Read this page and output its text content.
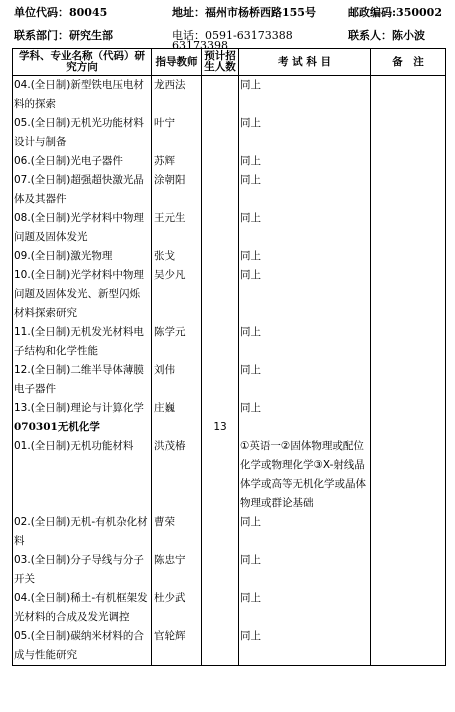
单位代码：80045	地址：福州市杨桥西路155号	邮政编码:350002
联系部门：研究生部	电话：0591-63173388
63173398
联系人：陈小波
学科、专业名称（代码）研究方向	指导教师	预计招生人数	考 试 科 目	备　注
04.(全日制)新型铁电压电材料的探索	龙西法		同上	
05.(全日制)无机光功能材料设计与制备	叶宁		同上	
06.(全日制)光电子器件	苏辉		同上	
07.(全日制)超强超快激光晶体及其器件	涂朝阳		同上	
08.(全日制)光学材料中物理问题及固体发光	王元生		同上	
09.(全日制)激光物理	张戈		同上	
10.(全日制)光学材料中物理问题及固体发光、新型闪烁材料探索研究	吴少凡		同上	
11.(全日制)无机发光材料电子结构和化学性能	陈学元		同上	
12.(全日制)二维半导体薄膜电子器件	刘伟		同上	
13.(全日制)理论与计算化学	庄巍		同上	
070301无机化学		13		
01.(全日制)无机功能材料	洪茂椿		①英语一②固体物理或配位化学或物理化学③X-射线晶体学或高等无机化学或晶体物理或群论基础	
02.(全日制)无机-有机杂化材料	曹荣		同上	
03.(全日制)分子导线与分子开关	陈忠宁		同上	
04.(全日制)稀土-有机框架发光材料的合成及发光调控	杜少武		同上	
05.(全日制)碳纳米材料的合成与性能研究	官轮辉		同上	
